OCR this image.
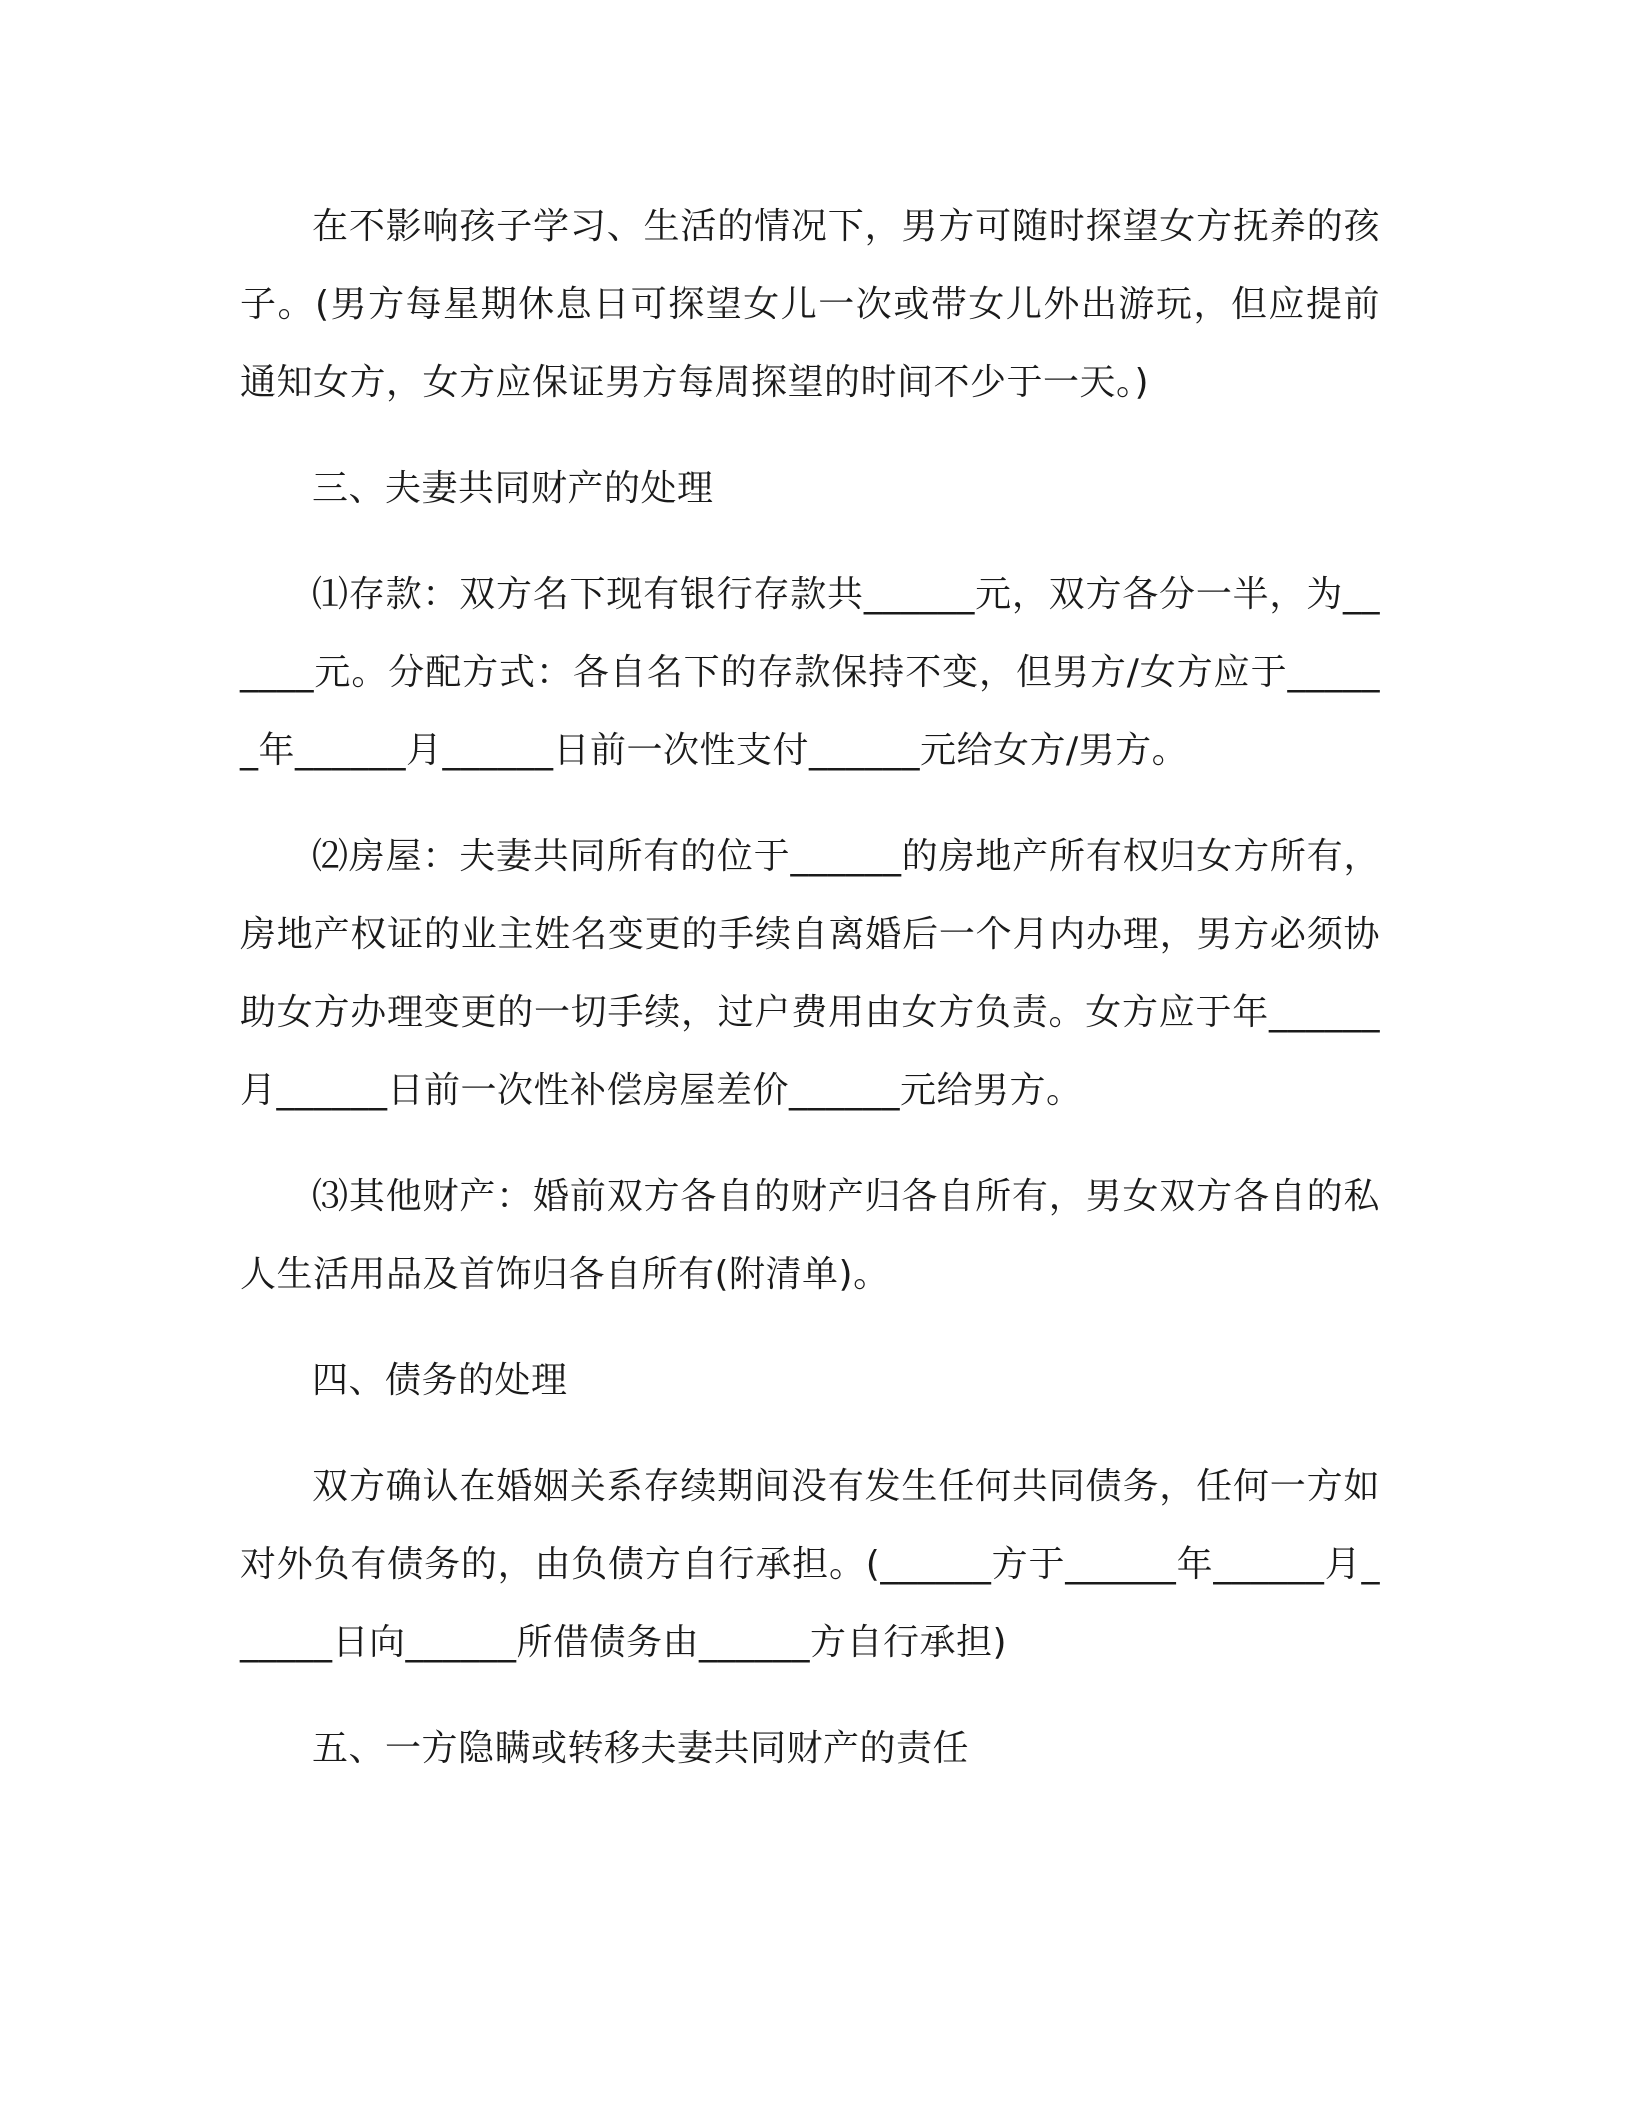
在不影响孩子学习、生活的情况下，男方可随时探望女方抚养的孩子。(男方每星期休息日可探望女儿一次或带女儿外出游玩，但应提前通知女方，女方应保证男方每周探望的时间不少于一天。)

三、夫妻共同财产的处理

⑴存款：双方名下现有银行存款共______元，双方各分一半，为______元。分配方式：各自名下的存款保持不变，但男方/女方应于______年______月______日前一次性支付______元给女方/男方。

⑵房屋：夫妻共同所有的位于______的房地产所有权归女方所有，房地产权证的业主姓名变更的手续自离婚后一个月内办理，男方必须协助女方办理变更的一切手续，过户费用由女方负责。女方应于年______月______日前一次性补偿房屋差价______元给男方。

⑶其他财产：婚前双方各自的财产归各自所有，男女双方各自的私人生活用品及首饰归各自所有(附清单)。

四、债务的处理

双方确认在婚姻关系存续期间没有发生任何共同债务，任何一方如对外负有债务的，由负债方自行承担。(______方于______年______月______日向______所借债务由______方自行承担)

五、一方隐瞒或转移夫妻共同财产的责任
